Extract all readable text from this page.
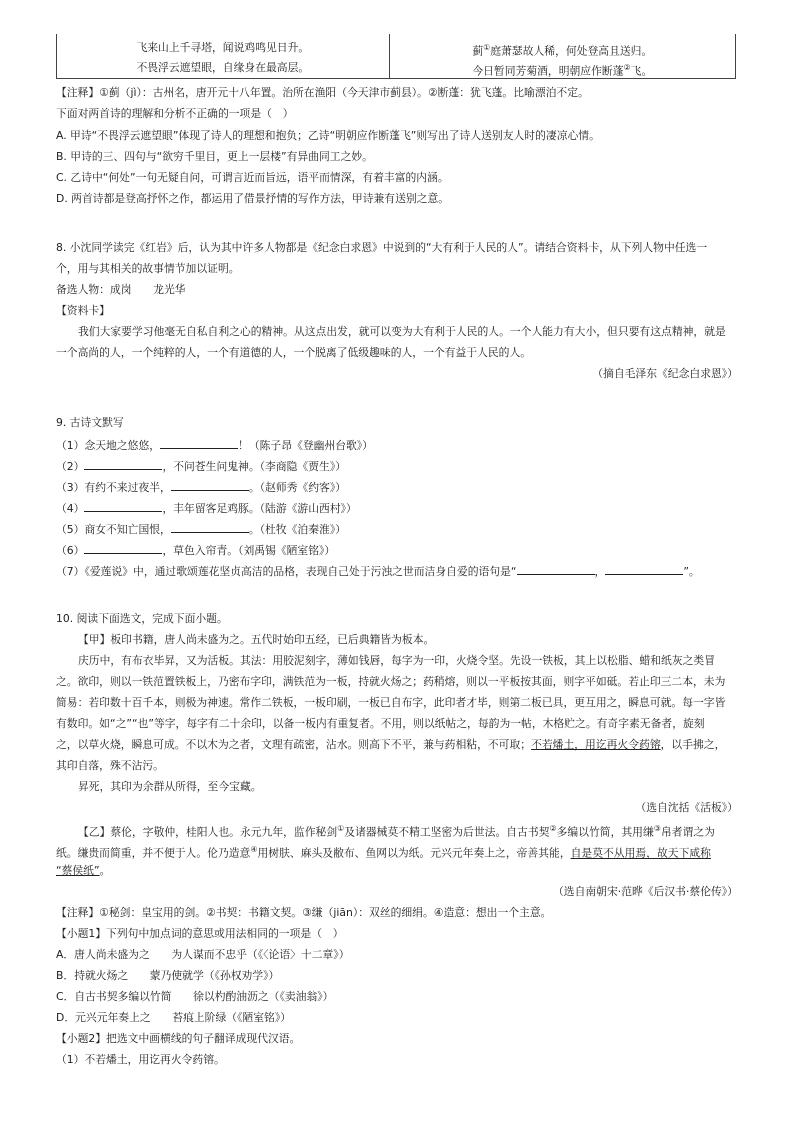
飞来山上千寻塔，闻说鸡鸣见日升。
不畏浮云遮望眼，自缘身在最高层。

蓟①庭萧瑟故人稀，何处登高且送归。
今日暂同芳菊酒，明朝应作断蓬②飞。
【注释】①蓟（jì）：古州名，唐开元十八年置。治所在渔阳（今天津市蓟县）。②断蓬：犹飞蓬。比喻漂泊不定。
下面对两首诗的理解和分析不正确的一项是（　）
A. 甲诗“不畏浮云遮望眼”体现了诗人的理想和抱负；乙诗“明朝应作断蓬飞”则写出了诗人送别友人时的凄凉心情。
B. 甲诗的三、四句与“欲穷千里目，更上一层楼”有异曲同工之妙。
C. 乙诗中“何处”一句无疑自问，可谓言近而旨远，语平而情深，有着丰富的内涵。
D. 两首诗都是登高抒怀之作，都运用了借景抒情的写作方法，甲诗兼有送别之意。
8. 小沈同学读完《红岩》后，认为其中许多人物都是《纪念白求恩》中说到的“大有利于人民的人”。请结合资料卡，从下列人物中任选一
个，用与其相关的故事情节加以证明。
备选人物：成岗　　龙光华
【资料卡】
我们大家要学习他毫无自私自利之心的精神。从这点出发，就可以变为大有利于人民的人。一个人能力有大小，但只要有这点精神，就是
一个高尚的人，一个纯粹的人，一个有道德的人，一个脱离了低级趣味的人，一个有益于人民的人。
（摘自毛泽东《纪念白求恩》）
9. 古诗文默写
（1）念天地之悠悠，	！（陈子昂《登幽州台歌》）
（2）	，不问苍生问鬼神。（李商隐《贾生》）
（3）有约不来过夜半，	。（赵师秀《约客》）
（4）	，丰年留客足鸡豚。（陆游《游山西村》）
（5）商女不知亡国恨，	。（杜牧《泊秦淮》）
（6）	，草色入帘青。（刘禹锡《陋室铭》）
（7）《爱莲说》中，通过歌颂莲花坚贞高洁的品格，表现自己处于污浊之世而洁身自爱的语句是“	，	”。
10. 阅读下面选文，完成下面小题。
【甲】板印书籍，唐人尚未盛为之。五代时始印五经，已后典籍皆为板本。
庆历中，有布衣毕昇，又为活板。其法：用胶泥刻字，薄如钱唇，每字为一印，火烧令坚。先设一铁板，其上以松脂、蜡和纸灰之类冒
之。欲印，则以一铁范置铁板上，乃密布字印，满铁范为一板，持就火炀之；药稍熔，则以一平板按其面，则字平如砥。若止印三二本，未为
简易：若印数十百千本，则极为神速。常作二铁板，一板印刷，一板已自布字，此印者才毕，则第二板已具，更互用之，瞬息可就。每一字皆
有数印。如“之”“也”等字，每字有二十余印，以备一板内有重复者。不用，则以纸帖之，每韵为一帖，木格贮之。有奇字素无备者，旋刻
之，以草火烧，瞬息可成。不以木为之者，文理有疏密，沾水。则高下不平，兼与药相粘，不可取；不若燔土，用讫再火令药镕，以手拂之，
其印自落，殊不沾污。
昇死，其印为余群从所得，至今宝藏。
（选自沈括《活板》）
【乙】蔡伦，字敬仲，桂阳人也。永元九年，监作秘剑①及诸器械莫不精工坚密为后世法。自古书契②多编以竹简，其用缣③帛者谓之为
纸。缣贵而简重，并不便于人。伦乃造意④用树肤、麻头及敝布、鱼网以为纸。元兴元年奏上之，帝善其能，自是莫不从用焉，故天下咸称
“蔡侯纸”。
（选自南朝宋·范晔《后汉书·蔡伦传》）
【注释】①秘剑：皇宝用的剑。②书契：书籍文契。③缣（jiān）：双丝的细绢。④造意：想出一个主意。
【小题1】下列句中加点词的意思或用法相同的一项是（　）
A．唐人尚未盛为之　　为人谋而不忠乎（《〈论语〉十二章》）
B．持就火炀之　　蒙乃使就学（《孙权劝学》）
C．自古书契多编以竹简　　徐以杓酌油沥之（《卖油翁》）
D．元兴元年奏上之　　苔痕上阶绿（《陋室铭》）
【小题2】把选文中画横线的句子翻译成现代汉语。
（1）不若燔土，用讫再火令药镕。
